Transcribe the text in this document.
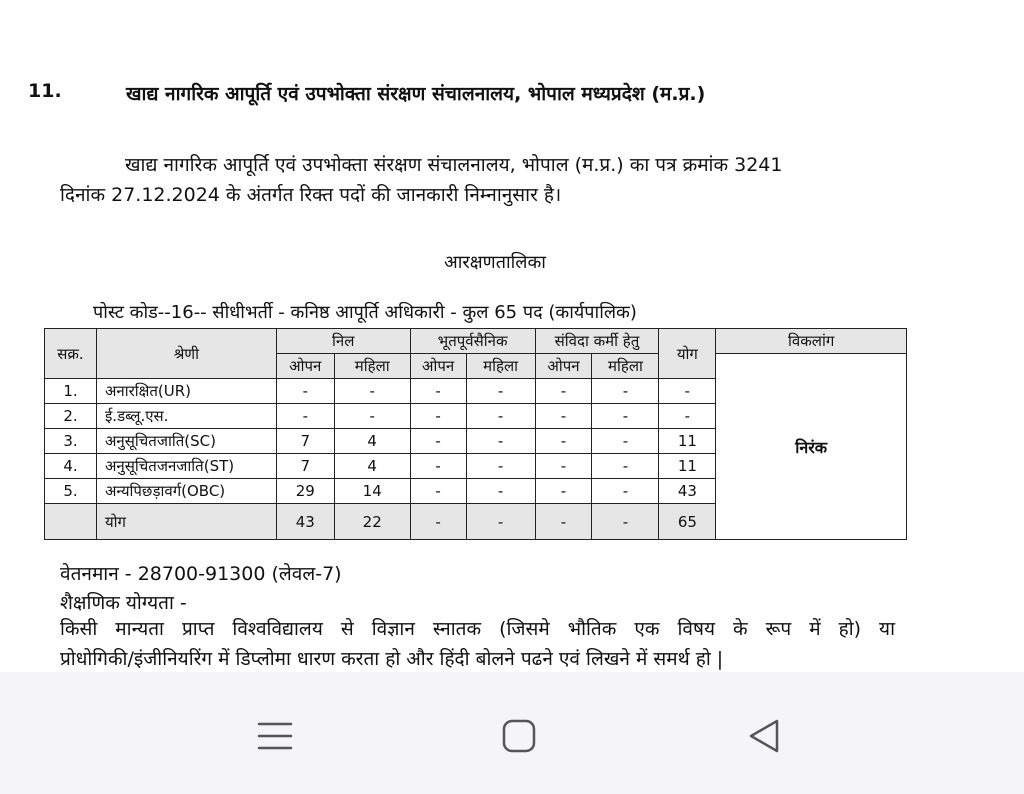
11.	खाद्य नागरिक आपूर्ति एवं उपभोक्ता संरक्षण संचालनालय, भोपाल मध्यप्रदेश (म.प्र.)
खाद्य नागरिक आपूर्ति एवं उपभोक्ता संरक्षण संचालनालय, भोपाल (म.प्र.) का पत्र क्रमांक 3241
दिनांक 27.12.2024 के अंतर्गत रिक्त पदों की जानकारी निम्नानुसार है।
आरक्षणतालिका
पोस्ट कोड--16-- सीधीभर्ती - कनिष्ठ आपूर्ति अधिकारी - कुल 65 पद (कार्यपालिक)
सक्र.	श्रेणी	निल		भूतपूर्वसैनिक		संविदा कर्मी हेतु		योग	विकलांग
		ओपन	महिला	ओपन	महिला	ओपन	महिला		निरंक
1.	अनारक्षित(UR)	-	-	-	-	-	-	-	
2.	ई.डब्लू.एस.	-	-	-	-	-	-	-	
3.	अनुसूचितजाति(SC)	7	4	-	-	-	-	11	
4.	अनुसूचितजनजाति(ST)	7	4	-	-	-	-	11	
5.	अन्यपिछड़ावर्ग(OBC)	29	14	-	-	-	-	43	
	योग	43	22	-	-	-	-	65	
वेतनमान - 28700-91300 (लेवल-7)
शैक्षणिक योग्यता -
किसी मान्यता प्राप्त विश्वविद्यालय से विज्ञान स्नातक (जिसमे भौतिक एक विषय के रूप में हो) या
प्रोधोगिकी/इंजीनियरिंग में डिप्लोमा धारण करता हो और हिंदी बोलने पढने एवं लिखने में समर्थ हो |
